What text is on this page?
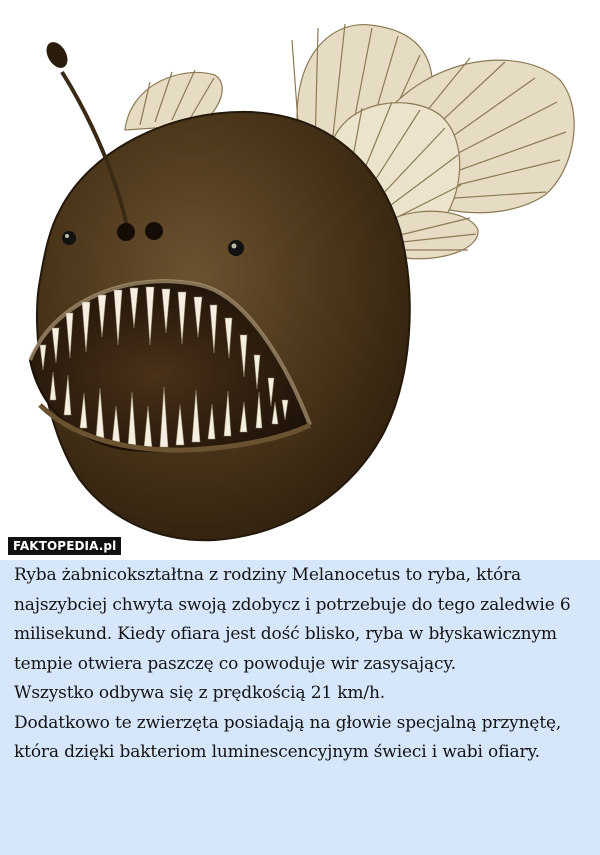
FAKTOPEDIA.pl

Ryba żabnicokształtna z rodziny Melanocetus to ryba, która najszybciej chwyta swoją zdobycz i potrzebuje do tego zaledwie 6 milisekund. Kiedy ofiara jest dość blisko, ryba w błyskawicznym tempie otwiera paszczę co powoduje wir zasysający.

Wszystko odbywa się z prędkością 21 km/h.

Dodatkowo te zwierzęta posiadają na głowie specjalną przynętę, która dzięki bakteriom luminescencyjnym świeci i wabi ofiary.
